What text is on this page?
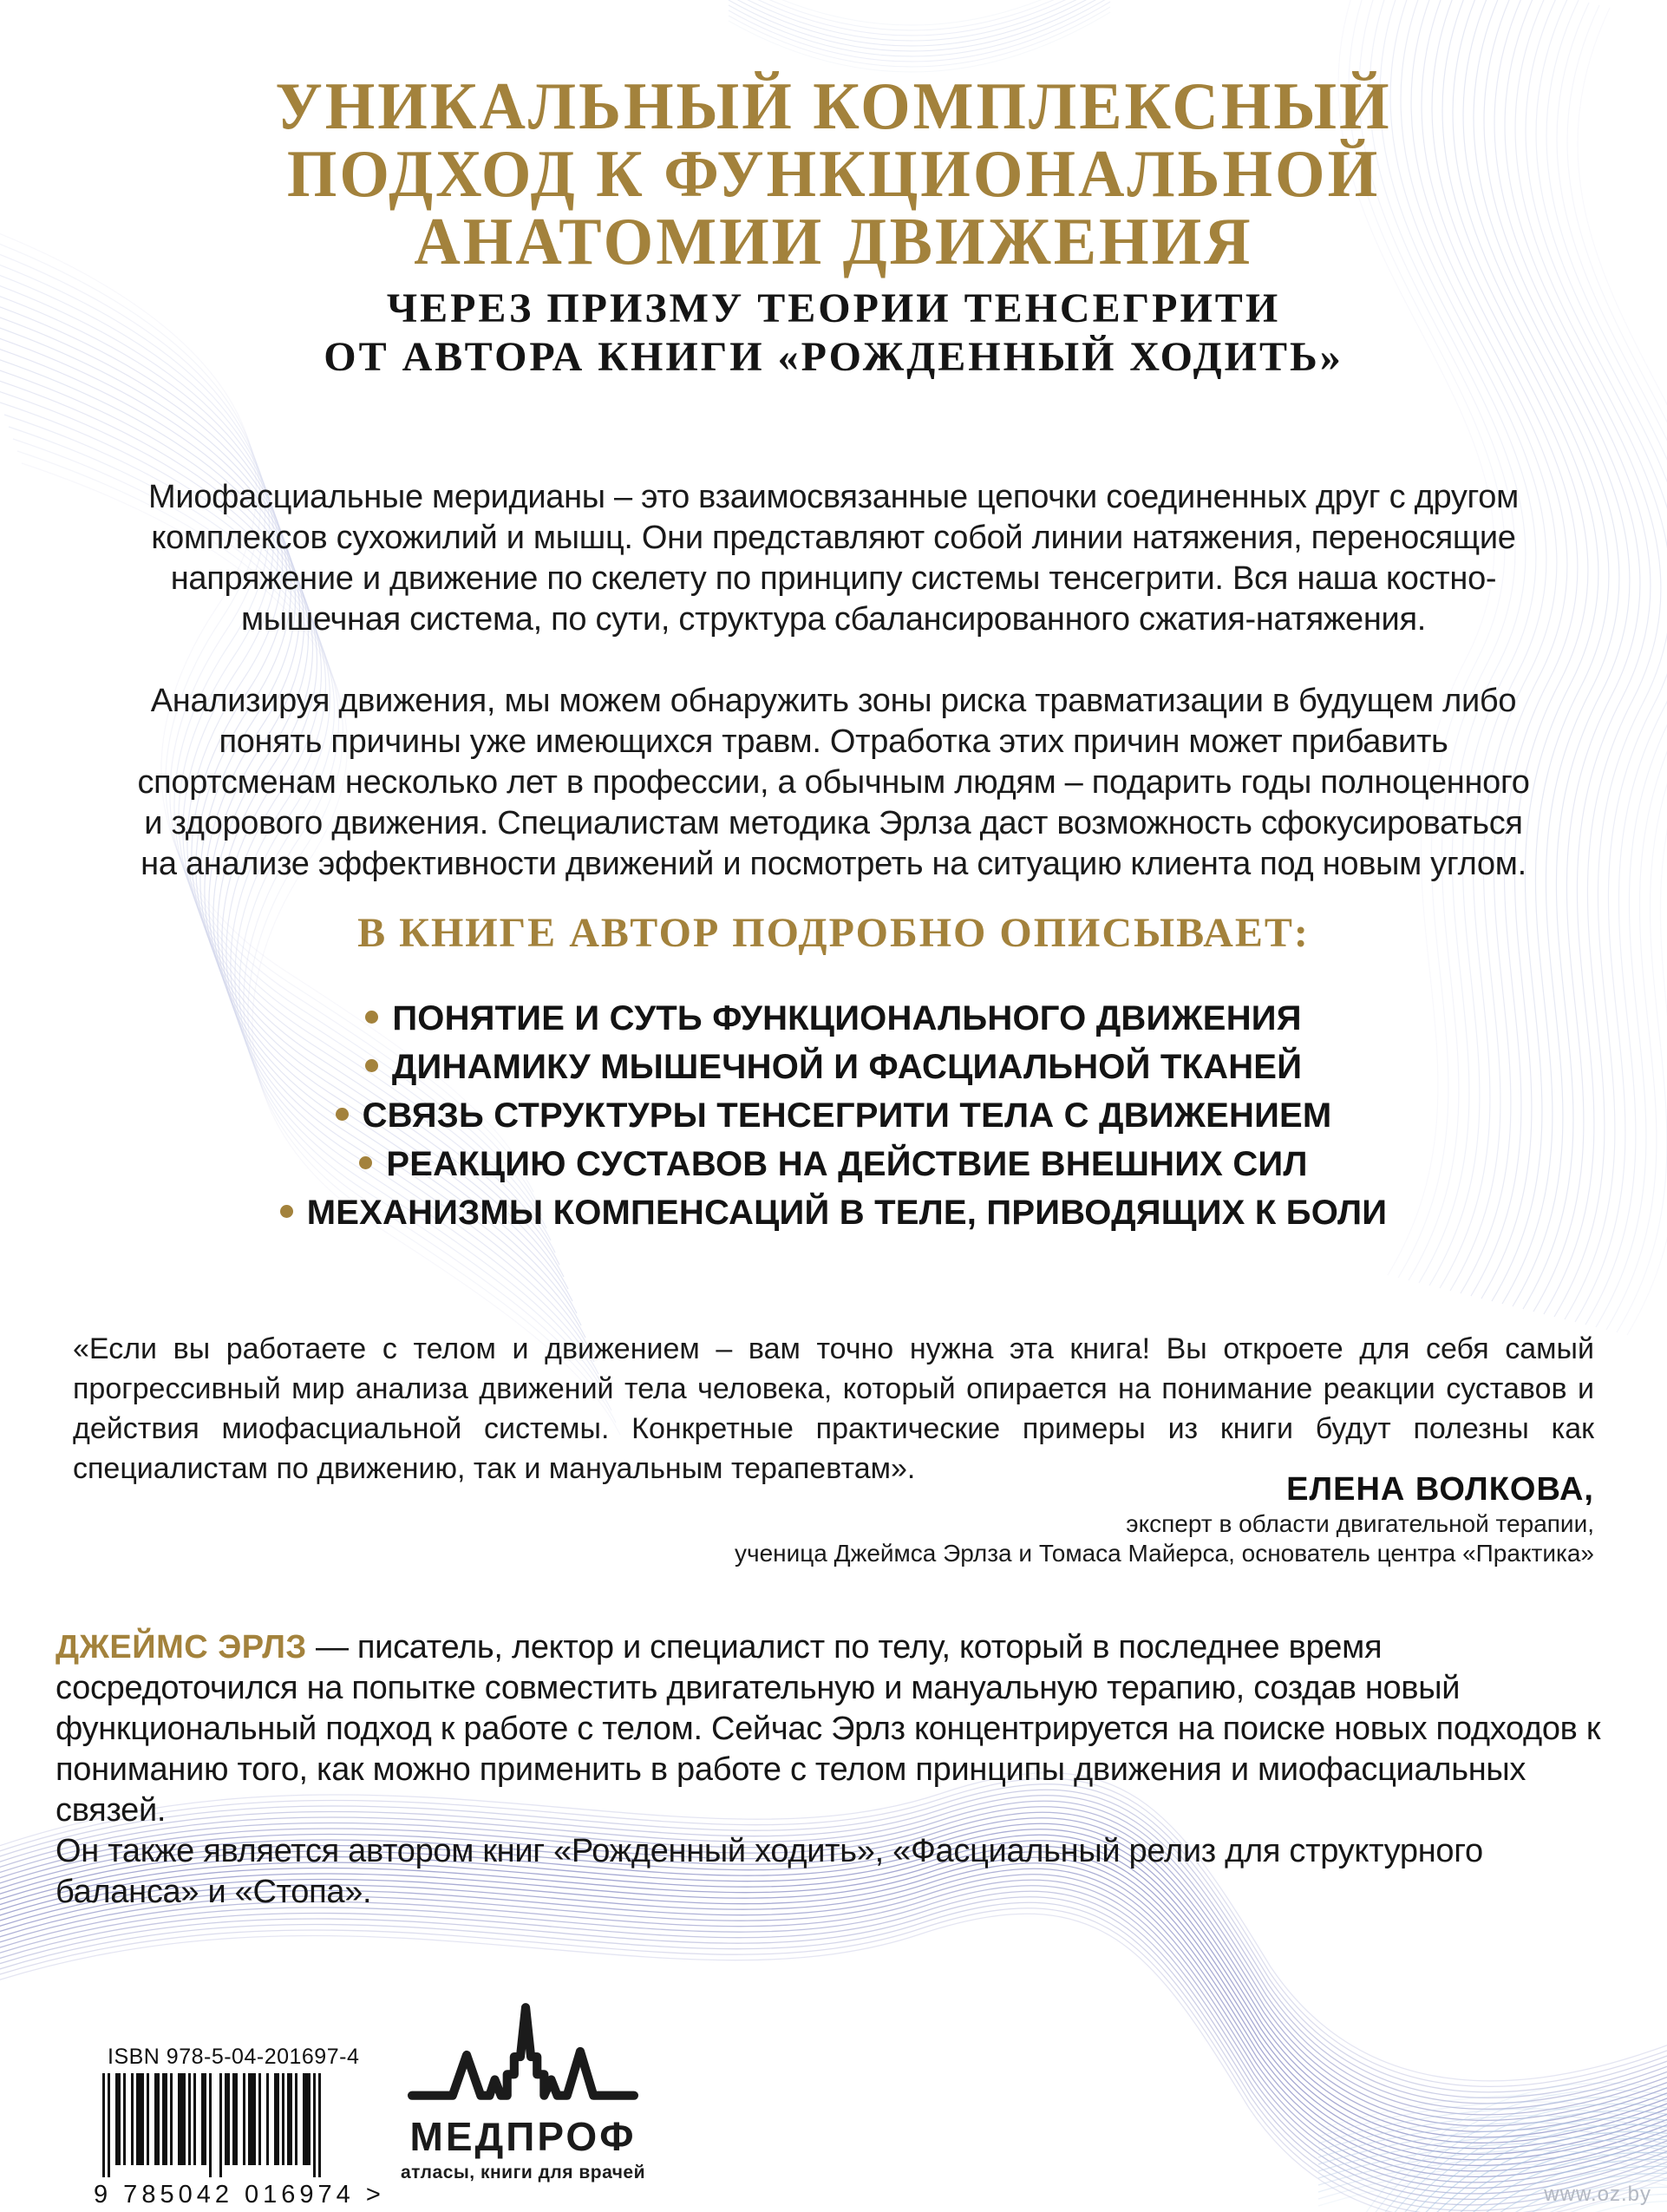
УНИКАЛЬНЫЙ КОМПЛЕКСНЫЙ
ПОДХОД К ФУНКЦИОНАЛЬНОЙ
АНАТОМИИ ДВИЖЕНИЯ
ЧЕРЕЗ ПРИЗМУ ТЕОРИИ ТЕНСЕГРИТИ
ОТ АВТОРА КНИГИ «РОЖДЕННЫЙ ХОДИТЬ»

Миофасциальные меридианы – это взаимосвязанные цепочки соединенных друг с другом комплексов сухожилий и мышц. Они представляют собой линии натяжения, переносящие напряжение и движение по скелету по принципу системы тенсегрити. Вся наша костно-мышечная система, по сути, структура сбалансированного сжатия-натяжения.

Анализируя движения, мы можем обнаружить зоны риска травматизации в будущем либо понять причины уже имеющихся травм. Отработка этих причин может прибавить спортсменам несколько лет в профессии, а обычным людям – подарить годы полноценного и здорового движения. Специалистам методика Эрлза даст возможность сфокусироваться на анализе эффективности движений и посмотреть на ситуацию клиента под новым углом.

В КНИГЕ АВТОР ПОДРОБНО ОПИСЫВАЕТ:
ПОНЯТИЕ И СУТЬ ФУНКЦИОНАЛЬНОГО ДВИЖЕНИЯ
ДИНАМИКУ МЫШЕЧНОЙ И ФАСЦИАЛЬНОЙ ТКАНЕЙ
СВЯЗЬ СТРУКТУРЫ ТЕНСЕГРИТИ ТЕЛА С ДВИЖЕНИЕМ
РЕАКЦИЮ СУСТАВОВ НА ДЕЙСТВИЕ ВНЕШНИХ СИЛ
МЕХАНИЗМЫ КОМПЕНСАЦИЙ В ТЕЛЕ, ПРИВОДЯЩИХ К БОЛИ

«Если вы работаете с телом и движением – вам точно нужна эта книга! Вы откроете для себя самый прогрессивный мир анализа движений тела человека, который опирается на понимание реакции суставов и действия миофасциальной системы. Конкретные практические примеры из книги будут полезны как специалистам по движению, так и мануальным терапевтам».

ЕЛЕНА ВОЛКОВА,
эксперт в области двигательной терапии,
ученица Джеймса Эрлза и Томаса Майерса, основатель центра «Практика»

ДЖЕЙМС ЭРЛЗ — писатель, лектор и специалист по телу, который в последнее время сосредоточился на попытке совместить двигательную и мануальную терапию, создав новый функциональный подход к работе с телом. Сейчас Эрлз концентрируется на поиске новых подходов к пониманию того, как можно применить в работе с телом принципы движения и миофасциальных связей.

Он также является автором книг «Рожденный ходить», «Фасциальный релиз для структурного баланса» и «Стопа».

ISBN 978-5-04-201697-4
9 785042 016974 >
МЕДПРОФ
атласы, книги для врачей
www.oz.by
